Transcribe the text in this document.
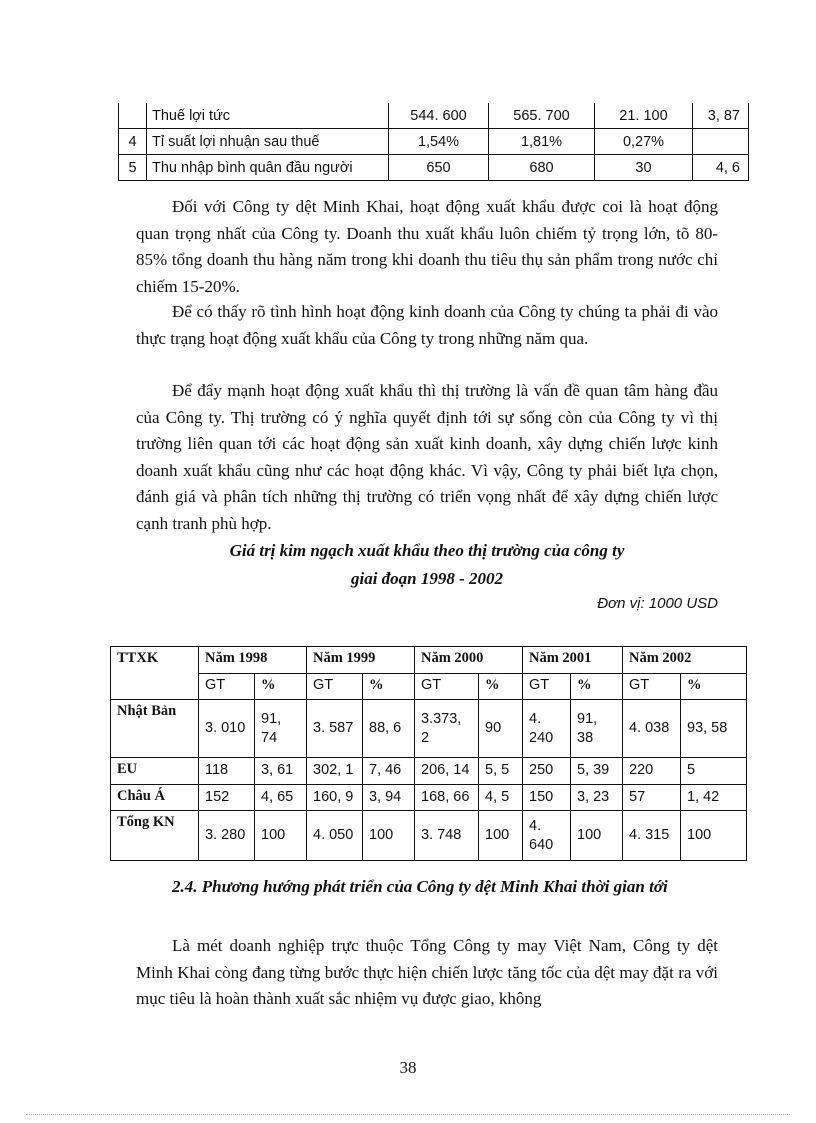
	Thuế lợi tức	544. 600	565. 700	21. 100	3, 87
4	Tỉ suất lợi nhuận sau thuế	1,54%	1,81%	0,27%	
5	Thu nhập bình quân đầu người	650	680	30	4, 6

Đối với Công ty dệt Minh Khai, hoạt động xuất khẩu được coi là hoạt động quan trọng nhất của Công ty. Doanh thu xuất khẩu luôn chiếm tỷ trọng lớn, tõ 80-85% tổng doanh thu hàng năm trong khi doanh thu tiêu thụ sản phẩm trong nước chỉ chiếm 15-20%.

Để có thấy rõ tình hình hoạt động kinh doanh của Công ty chúng ta phải đi vào thực trạng hoạt động xuất khẩu của Công ty trong những năm qua.

Để đẩy mạnh hoạt động xuất khẩu thì thị trường là vấn đề quan tâm hàng đầu của Công ty. Thị trường có ý nghĩa quyết định tới sự sống còn của Công ty vì thị trường liên quan tới các hoạt động sản xuất kinh doanh, xây dựng chiến lược kinh doanh xuất khẩu cũng như các hoạt động khác. Vì vậy, Công ty phải biết lựa chọn, đánh giá và phân tích những thị trường có triển vọng nhất để xây dựng chiến lược cạnh tranh phù hợp.

Giá trị kim ngạch xuất khẩu theo thị trường của công ty
giai đoạn 1998 - 2002
Đơn vị: 1000 USD
TTXK	Năm 1998		Năm 1999		Năm 2000		Năm 2001		Năm 2002	
	GT	%	GT	%	GT	%	GT	%	GT	%
Nhật Bản	3. 010	91, 74	3. 587	88, 6	3.373, 2	90	4. 240	91, 38	4. 038	93, 58
EU	118	3, 61	302, 1	7, 46	206, 14	5, 5	250	5, 39	220	5
Châu Á	152	4, 65	160, 9	3, 94	168, 66	4, 5	150	3, 23	57	1, 42
Tổng KN	3. 280	100	4. 050	100	3. 748	100	4. 640	100	4. 315	100

2.4. Phương hướng phát triển của Công ty dệt Minh Khai thời gian tới

Là mét doanh nghiệp trực thuộc Tổng Công ty may Việt Nam, Công ty dệt Minh Khai còng đang từng bước thực hiện chiến lược tăng tốc của dệt may đặt ra với mục tiêu là hoàn thành xuất sắc nhiệm vụ được giao, không

38
